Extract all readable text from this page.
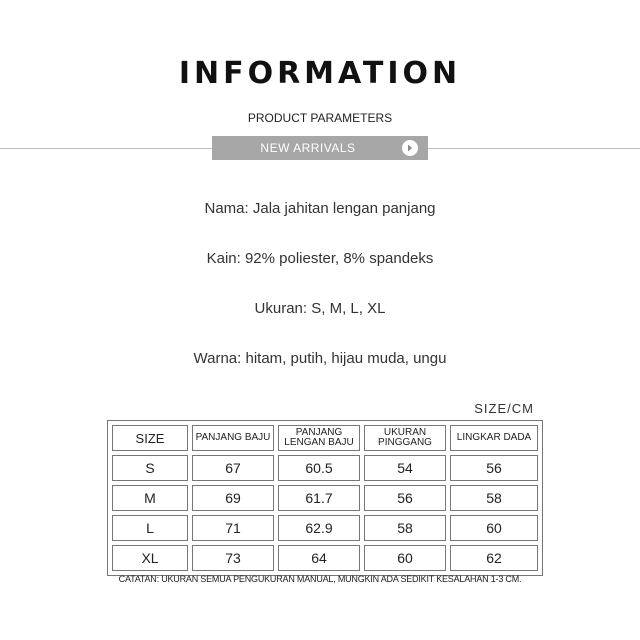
INFORMATION
PRODUCT PARAMETERS
NEW ARRIVALS
Nama: Jala jahitan lengan panjang
Kain: 92% poliester, 8% spandeks
Ukuran: S, M, L, XL
Warna: hitam, putih, hijau muda, ungu
SIZE/CM
SIZE	PANJANG BAJU	PANJANG LENGAN BAJU	UKURAN PINGGANG	LINGKAR DADA
S	67	60.5	54	56
M	69	61.7	56	58
L	71	62.9	58	60
XL	73	64	60	62
CATATAN: UKURAN SEMUA PENGUKURAN MANUAL, MUNGKIN ADA SEDIKIT KESALAHAN 1-3 CM.
